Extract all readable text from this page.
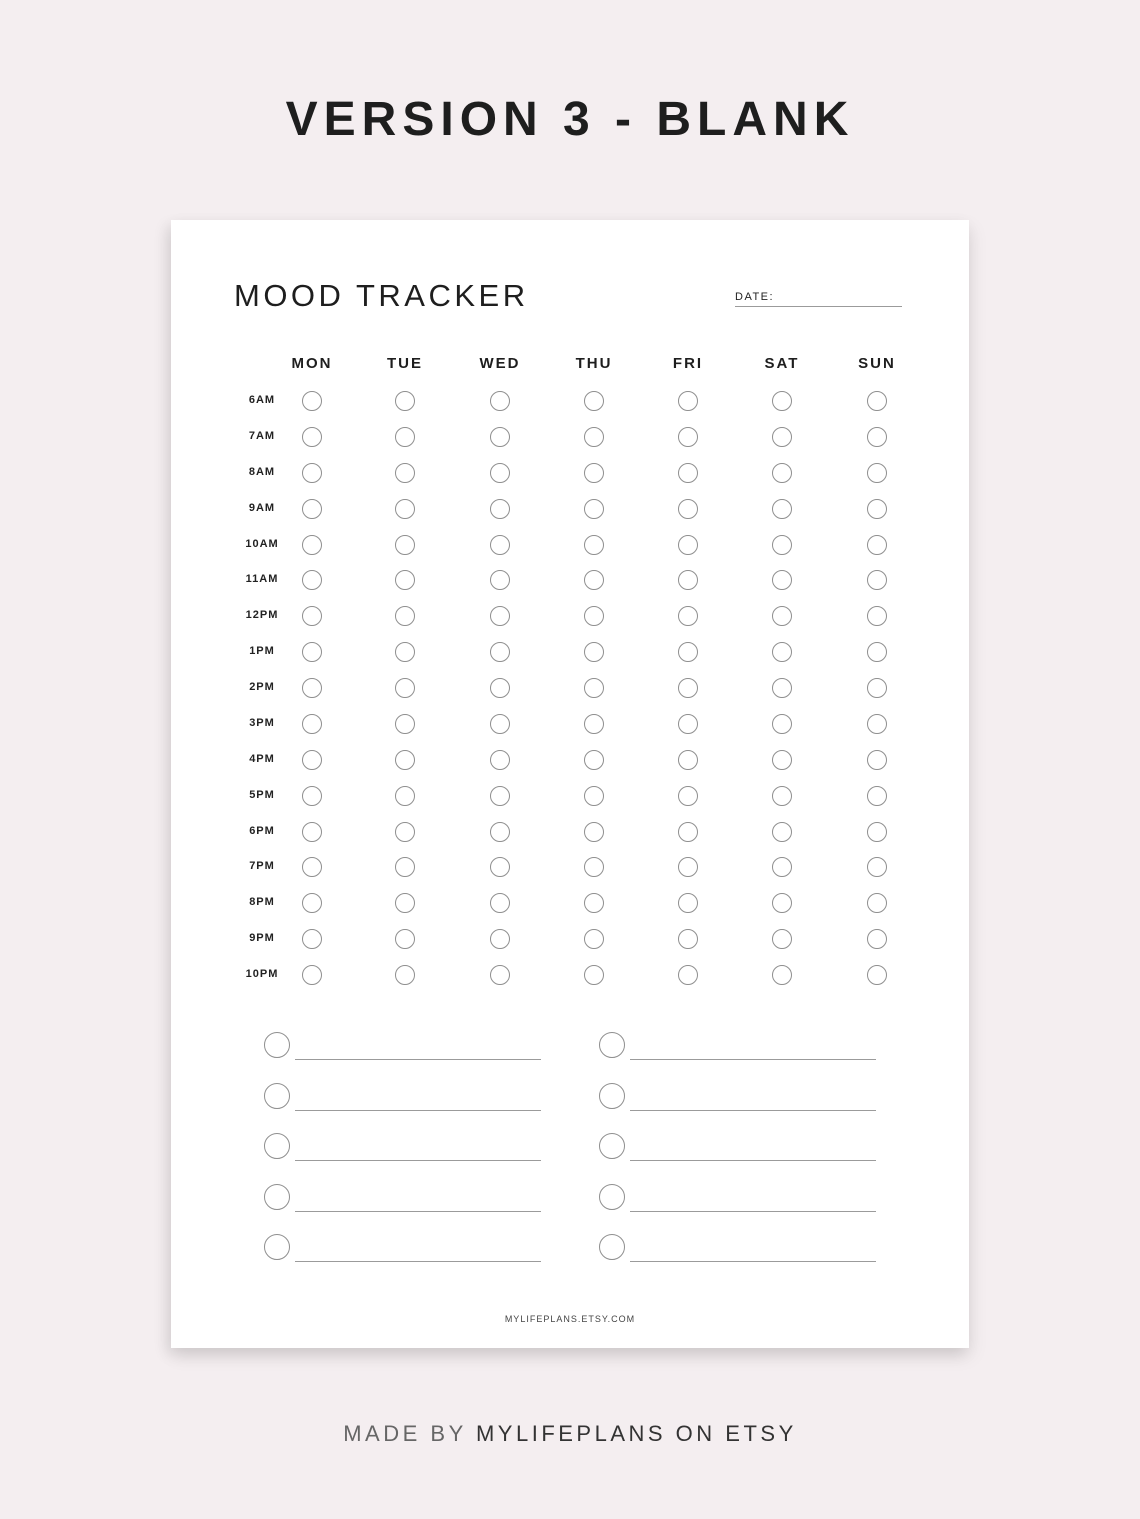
VERSION 3 - BLANK
MOOD TRACKER	DATE:
MYLIFEPLANS.ETSY.COM
MON	TUE	WED	THU	FRI	SAT	SUN
6AM
7AM
8AM
9AM
10AM
11AM
12PM
1PM
2PM
3PM
4PM
5PM
6PM
7PM
8PM
9PM
10PM
MADE BY MYLIFEPLANS ON ETSY
